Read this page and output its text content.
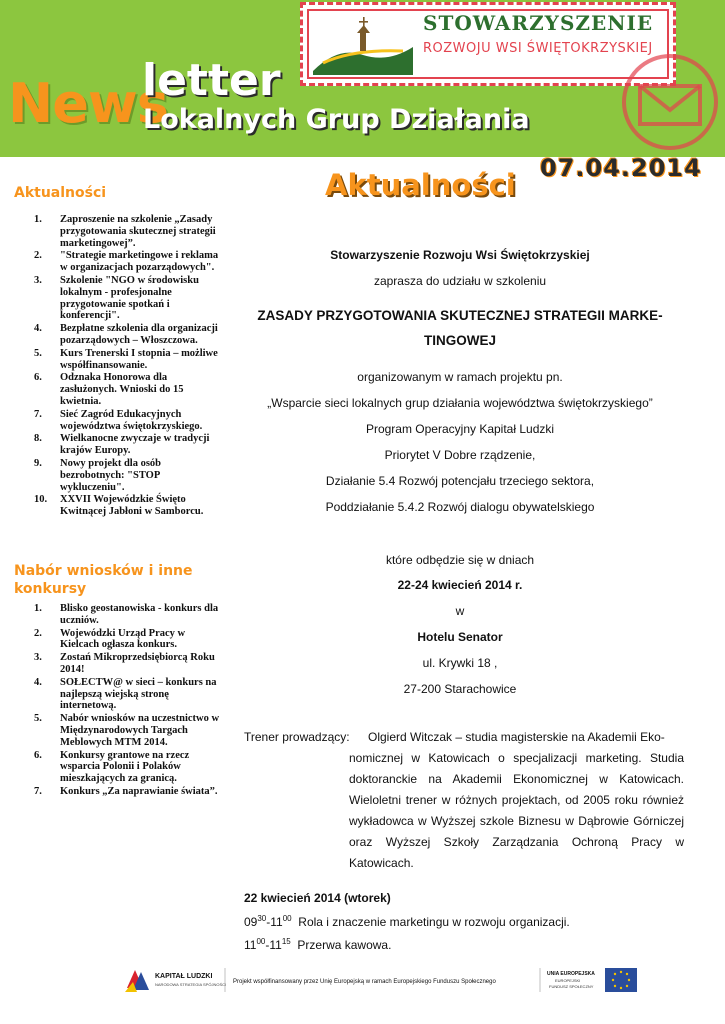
STOWARZYSZENIE
ROZWOJU WSI ŚWIĘTOKRZYSKIEJ
News
letter
Lokalnych Grup Działania
07.04.2014
Aktualności
Aktualności
1.	Zaproszenie na szkolenie „Zasady przygotowania skutecznej strategii marketingowej”.
2.	"Strategie marketingowe i reklama w organizacjach pozarządowych".
3.	Szkolenie "NGO w środowisku lokalnym - profesjonalne przygotowanie spotkań i konferencji".
4.	Bezpłatne szkolenia dla organizacji pozarządowych – Włoszczowa.
5.	Kurs Trenerski I stopnia – możliwe współfinansowanie.
6.	Odznaka Honorowa dla zasłużonych. Wnioski do 15 kwietnia.
7.	Sieć Zagród Edukacyjnych województwa świętokrzyskiego.
8.	Wielkanocne zwyczaje w tradycji krajów Europy.
9.	Nowy projekt dla osób bezrobotnych: "STOP wykluczeniu".
10.	XXVII Wojewódzkie Święto Kwitnącej Jabłoni w Samborcu.
Nabór wniosków i inne konkursy
1.	Blisko geostanowiska - konkurs dla uczniów.
2.	Wojewódzki Urząd Pracy w Kielcach ogłasza konkurs.
3.	Zostań Mikroprzedsiębiorcą Roku 2014!
4.	SOŁECTW@ w sieci – konkurs na najlepszą wiejską stronę internetową.
5.	Nabór wniosków na uczestnictwo w Międzynarodowych Targach Meblowych MTM 2014.
6.	Konkursy grantowe na rzecz wsparcia Polonii i Polaków mieszkających za granicą.
7.	Konkurs „Za naprawianie świata”.
Stowarzyszenie Rozwoju Wsi Świętokrzyskiej
zaprasza do udziału w szkoleniu
ZASADY PRZYGOTOWANIA SKUTECZNEJ STRATEGII MARKE-
TINGOWEJ
organizowanym w ramach projektu pn.
„Wsparcie sieci lokalnych grup działania województwa świętokrzyskiego”
Program Operacyjny Kapitał Ludzki
Priorytet V Dobre rządzenie,
Działanie 5.4 Rozwój potencjału trzeciego sektora,
Poddziałanie 5.4.2 Rozwój dialogu obywatelskiego
które odbędzie się w dniach
22-24 kwiecień 2014 r.
w
Hotelu Senator
ul. Krywki 18 ,
27-200 Starachowice
Trener prowadzący: Olgierd Witczak – studia magisterskie na Akademii Eko-
nomicznej w Katowicach o specjalizacji marketing. Studia doktoranckie na Akademii Ekonomicznej w Katowicach. Wieloletni trener w różnych projektach, od 2005 roku również wykładowca w Wyższej szkole Biznesu w Dąbrowie Górniczej oraz Wyższej Szkoły Zarządzania Ochroną Pracy w Katowicach.
22 kwiecień 2014 (wtorek)
$09^{30}-11^{00}$  Rola i znaczenie marketingu w rozwoju organizacji.
$11^{00}-11^{15}$  Przerwa kawowa.
KAPITAŁ LUDZKI
NARODOWA STRATEGIA SPÓJNOŚCI Projekt współfinansowany przez Unię Europejską w ramach Europejskiego Funduszu Społecznego
UNIA EUROPEJSKA
EUROPEJSKI
FUNDUSZ SPOŁECZNY
